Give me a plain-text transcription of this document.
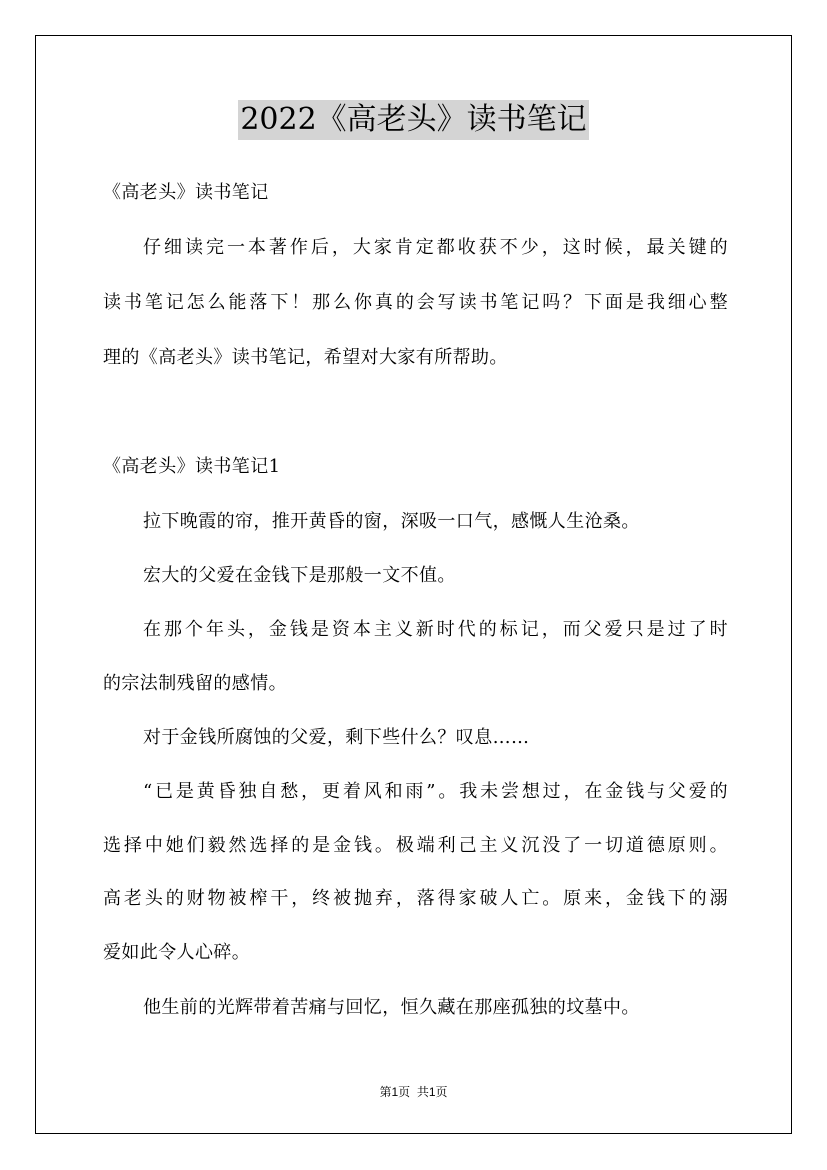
2022《高老头》读书笔记
《高老头》读书笔记
仔细读完一本著作后，大家肯定都收获不少，这时候，最关键的
读书笔记怎么能落下！那么你真的会写读书笔记吗？下面是我细心整
理的《高老头》读书笔记，希望对大家有所帮助。
《高老头》读书笔记1
拉下晚霞的帘，推开黄昏的窗，深吸一口气，感慨人生沧桑。
宏大的父爱在金钱下是那般一文不值。
在那个年头，金钱是资本主义新时代的标记，而父爱只是过了时
的宗法制残留的感情。
对于金钱所腐蚀的父爱，剩下些什么？叹息……
“已是黄昏独自愁，更着风和雨”。我未尝想过，在金钱与父爱的
选择中她们毅然选择的是金钱。极端利己主义沉没了一切道德原则。
高老头的财物被榨干，终被抛弃，落得家破人亡。原来，金钱下的溺
爱如此令人心碎。
他生前的光辉带着苦痛与回忆，恒久藏在那座孤独的坟墓中。
第1页  共1页
